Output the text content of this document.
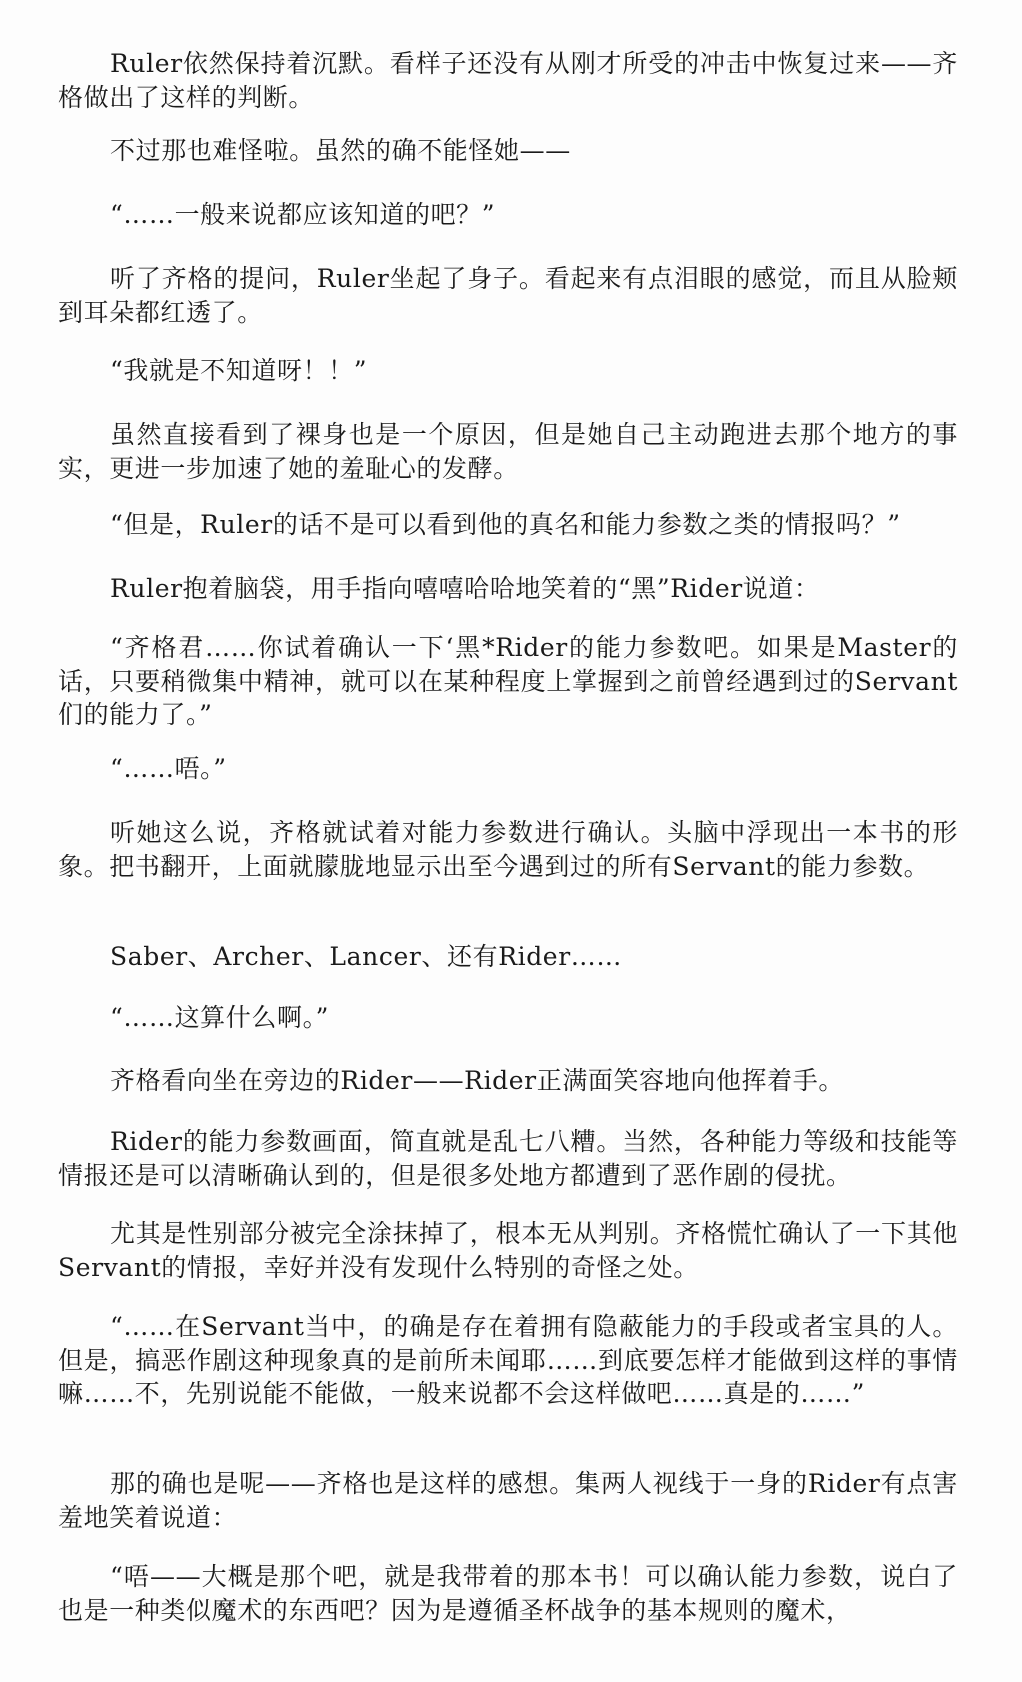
Ruler依然保持着沉默。看样子还没有从刚才所受的冲击中恢复过来——齐格做出了这样的判断。

不过那也难怪啦。虽然的确不能怪她——

“……一般来说都应该知道的吧？”

听了齐格的提问，Ruler坐起了身子。看起来有点泪眼的感觉，而且从脸颊到耳朵都红透了。

“我就是不知道呀！！”

虽然直接看到了裸身也是一个原因，但是她自己主动跑进去那个地方的事实，更进一步加速了她的羞耻心的发酵。

“但是，Ruler的话不是可以看到他的真名和能力参数之类的情报吗？”

Ruler抱着脑袋，用手指向嘻嘻哈哈地笑着的“黑”Rider说道：

“齐格君……你试着确认一下‘黑*Rider的能力参数吧。如果是Master的话，只要稍微集中精神，就可以在某种程度上掌握到之前曾经遇到过的Servant们的能力了。”

“……唔。”

听她这么说，齐格就试着对能力参数进行确认。头脑中浮现出一本书的形象。把书翻开，上面就朦胧地显示出至今遇到过的所有Servant的能力参数。

Saber、Archer、Lancer、还有Rider……

“……这算什么啊。”

齐格看向坐在旁边的Rider——Rider正满面笑容地向他挥着手。

Rider的能力参数画面，简直就是乱七八糟。当然，各种能力等级和技能等情报还是可以清晰确认到的，但是很多处地方都遭到了恶作剧的侵扰。

尤其是性别部分被完全涂抹掉了，根本无从判别。齐格慌忙确认了一下其他Servant的情报，幸好并没有发现什么特别的奇怪之处。

“……在Servant当中，的确是存在着拥有隐蔽能力的手段或者宝具的人。但是，搞恶作剧这种现象真的是前所未闻耶……到底要怎样才能做到这样的事情嘛……不，先别说能不能做，一般来说都不会这样做吧……真是的……”

那的确也是呢——齐格也是这样的感想。集两人视线于一身的Rider有点害羞地笑着说道：

“唔——大概是那个吧，就是我带着的那本书！可以确认能力参数，说白了也是一种类似魔术的东西吧？因为是遵循圣杯战争的基本规则的魔术，
